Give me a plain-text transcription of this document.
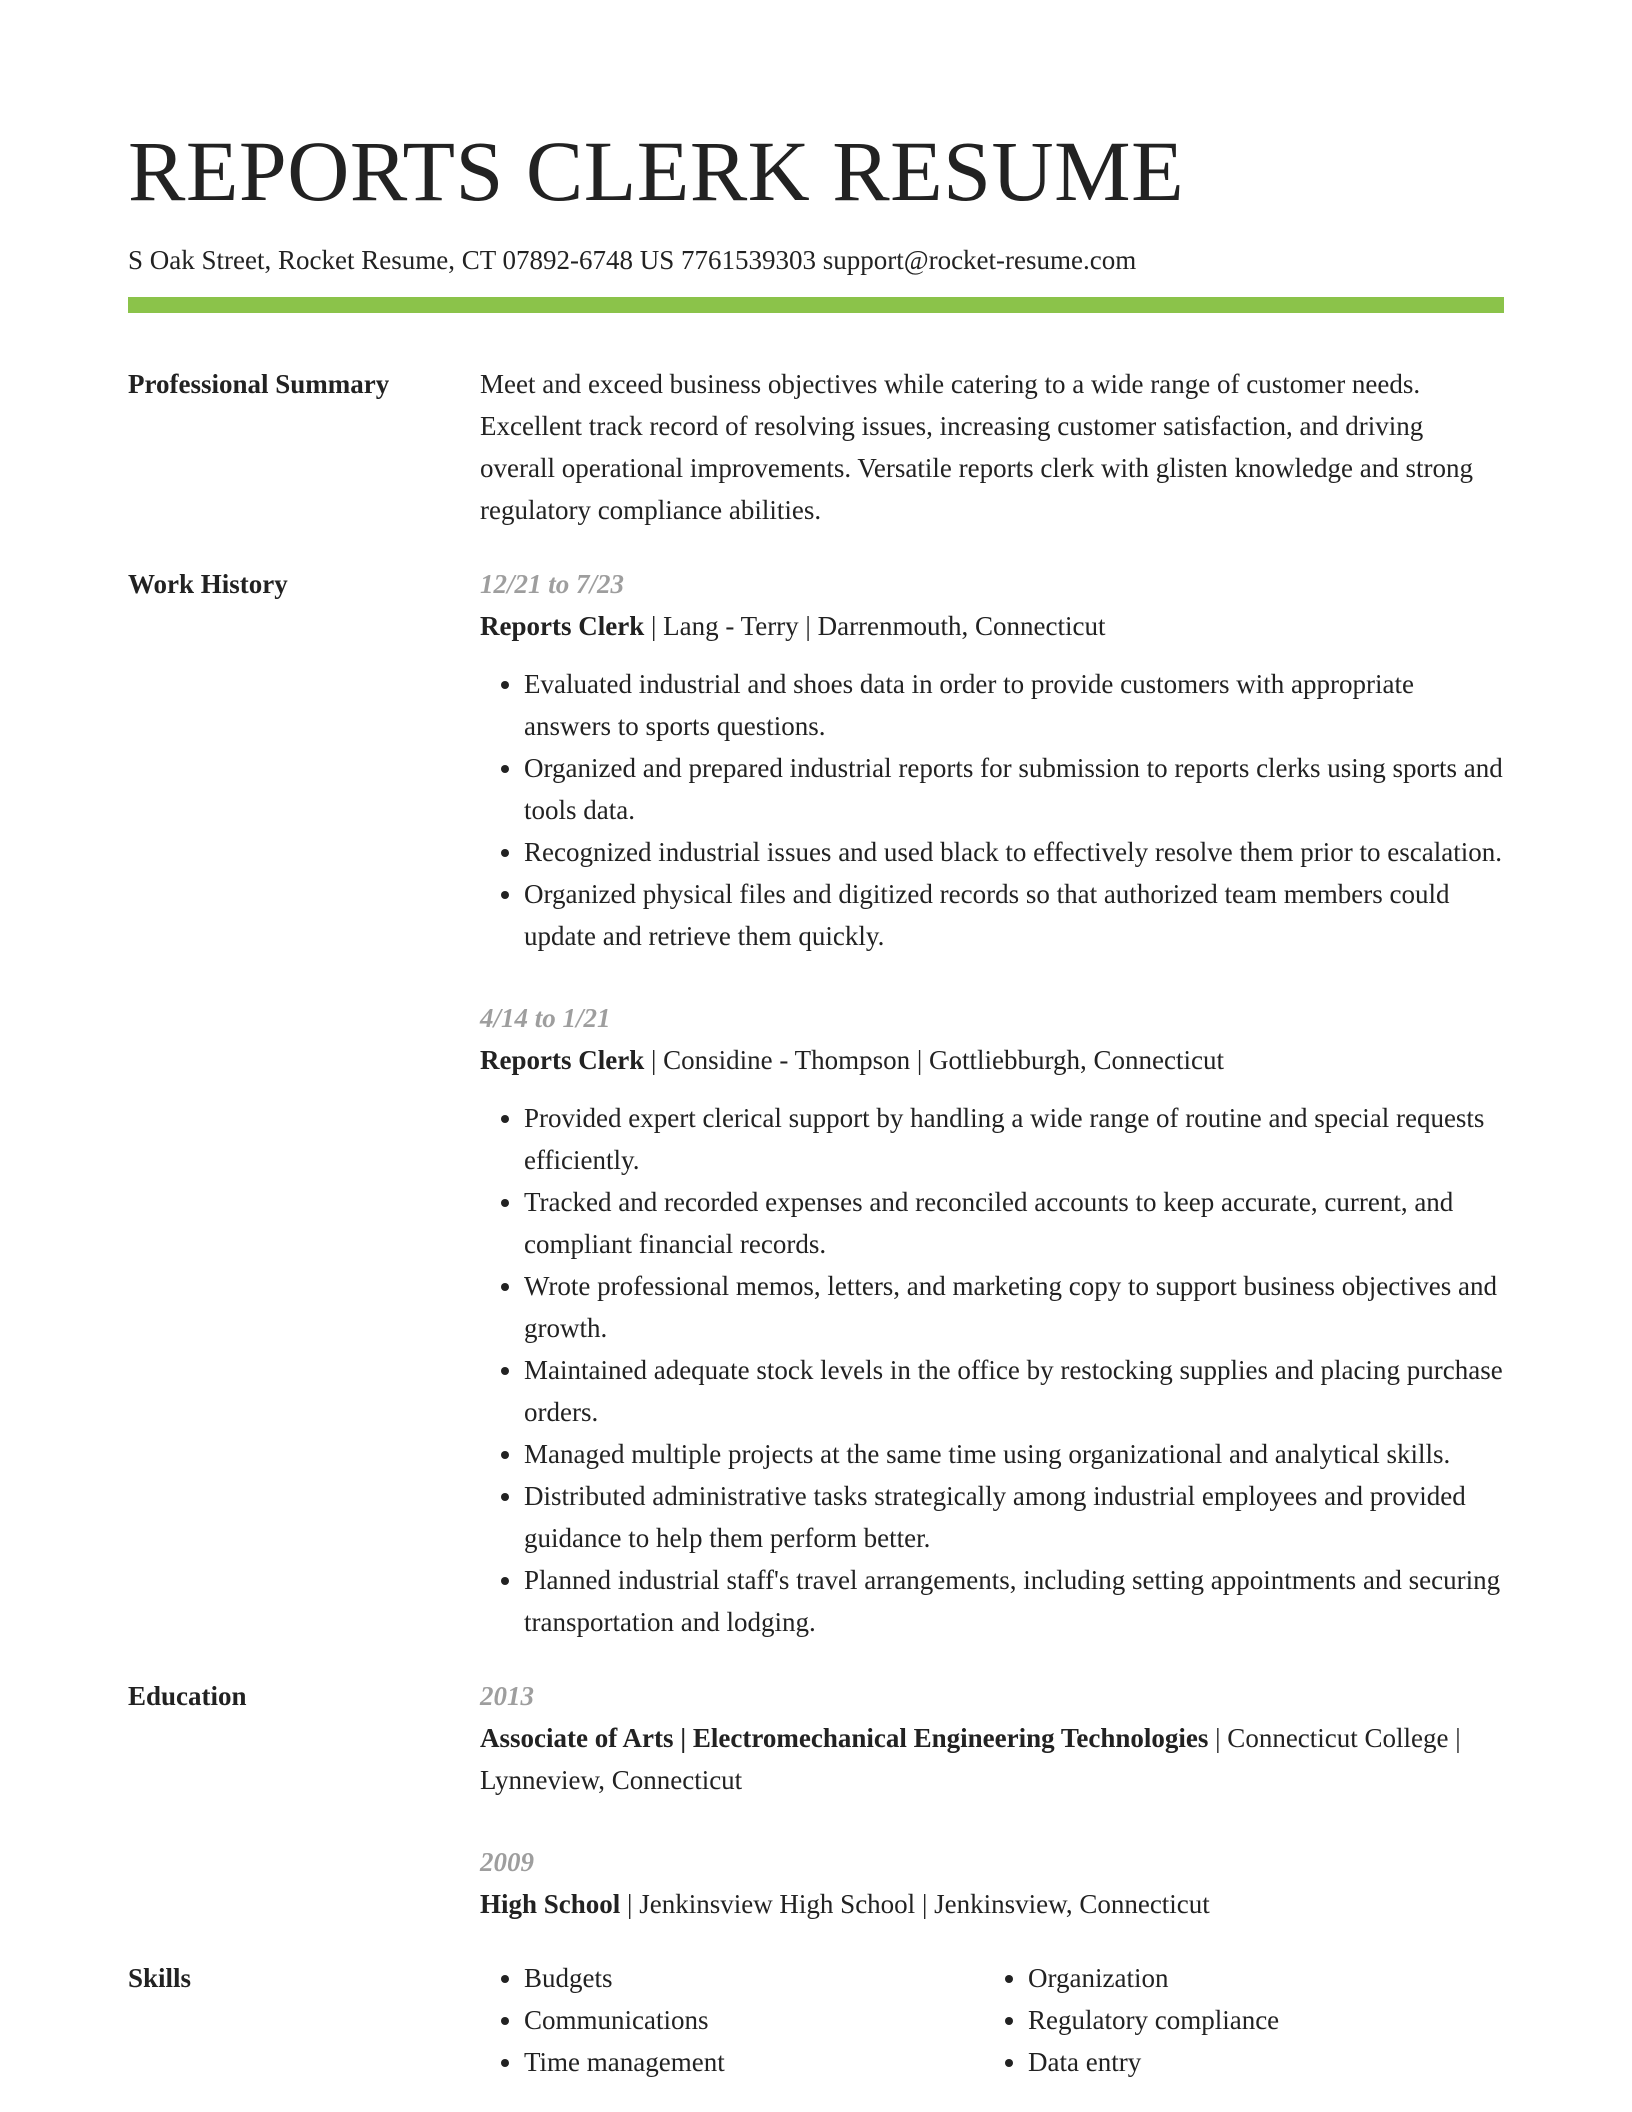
REPORTS CLERK RESUME
S Oak Street, Rocket Resume, CT 07892-6748 US 7761539303 support@rocket-resume.com
Professional Summary	Meet and exceed business objectives while catering to a wide range of customer needs. Excellent track record of resolving issues, increasing customer satisfaction, and driving overall operational improvements. Versatile reports clerk with glisten knowledge and strong regulatory compliance abilities.

Work History	12/21 to 7/23
Reports Clerk | Lang - Terry | Darrenmouth, Connecticut
• Evaluated industrial and shoes data in order to provide customers with appropriate answers to sports questions.
• Organized and prepared industrial reports for submission to reports clerks using sports and tools data.
• Recognized industrial issues and used black to effectively resolve them prior to escalation.
• Organized physical files and digitized records so that authorized team members could update and retrieve them quickly.
4/14 to 1/21
Reports Clerk | Considine - Thompson | Gottliebburgh, Connecticut
• Provided expert clerical support by handling a wide range of routine and special requests efficiently.
• Tracked and recorded expenses and reconciled accounts to keep accurate, current, and compliant financial records.
• Wrote professional memos, letters, and marketing copy to support business objectives and growth.
• Maintained adequate stock levels in the office by restocking supplies and placing purchase orders.
• Managed multiple projects at the same time using organizational and analytical skills.
• Distributed administrative tasks strategically among industrial employees and provided guidance to help them perform better.
• Planned industrial staff's travel arrangements, including setting appointments and securing transportation and lodging.
Education	2013
Associate of Arts | Electromechanical Engineering Technologies | Connecticut College | Lynneview, Connecticut
2009
High School | Jenkinsview High School | Jenkinsview, Connecticut
Skills
•	Budgets
• Communications
• Time management
• Organization
• Regulatory compliance
• Data entry
